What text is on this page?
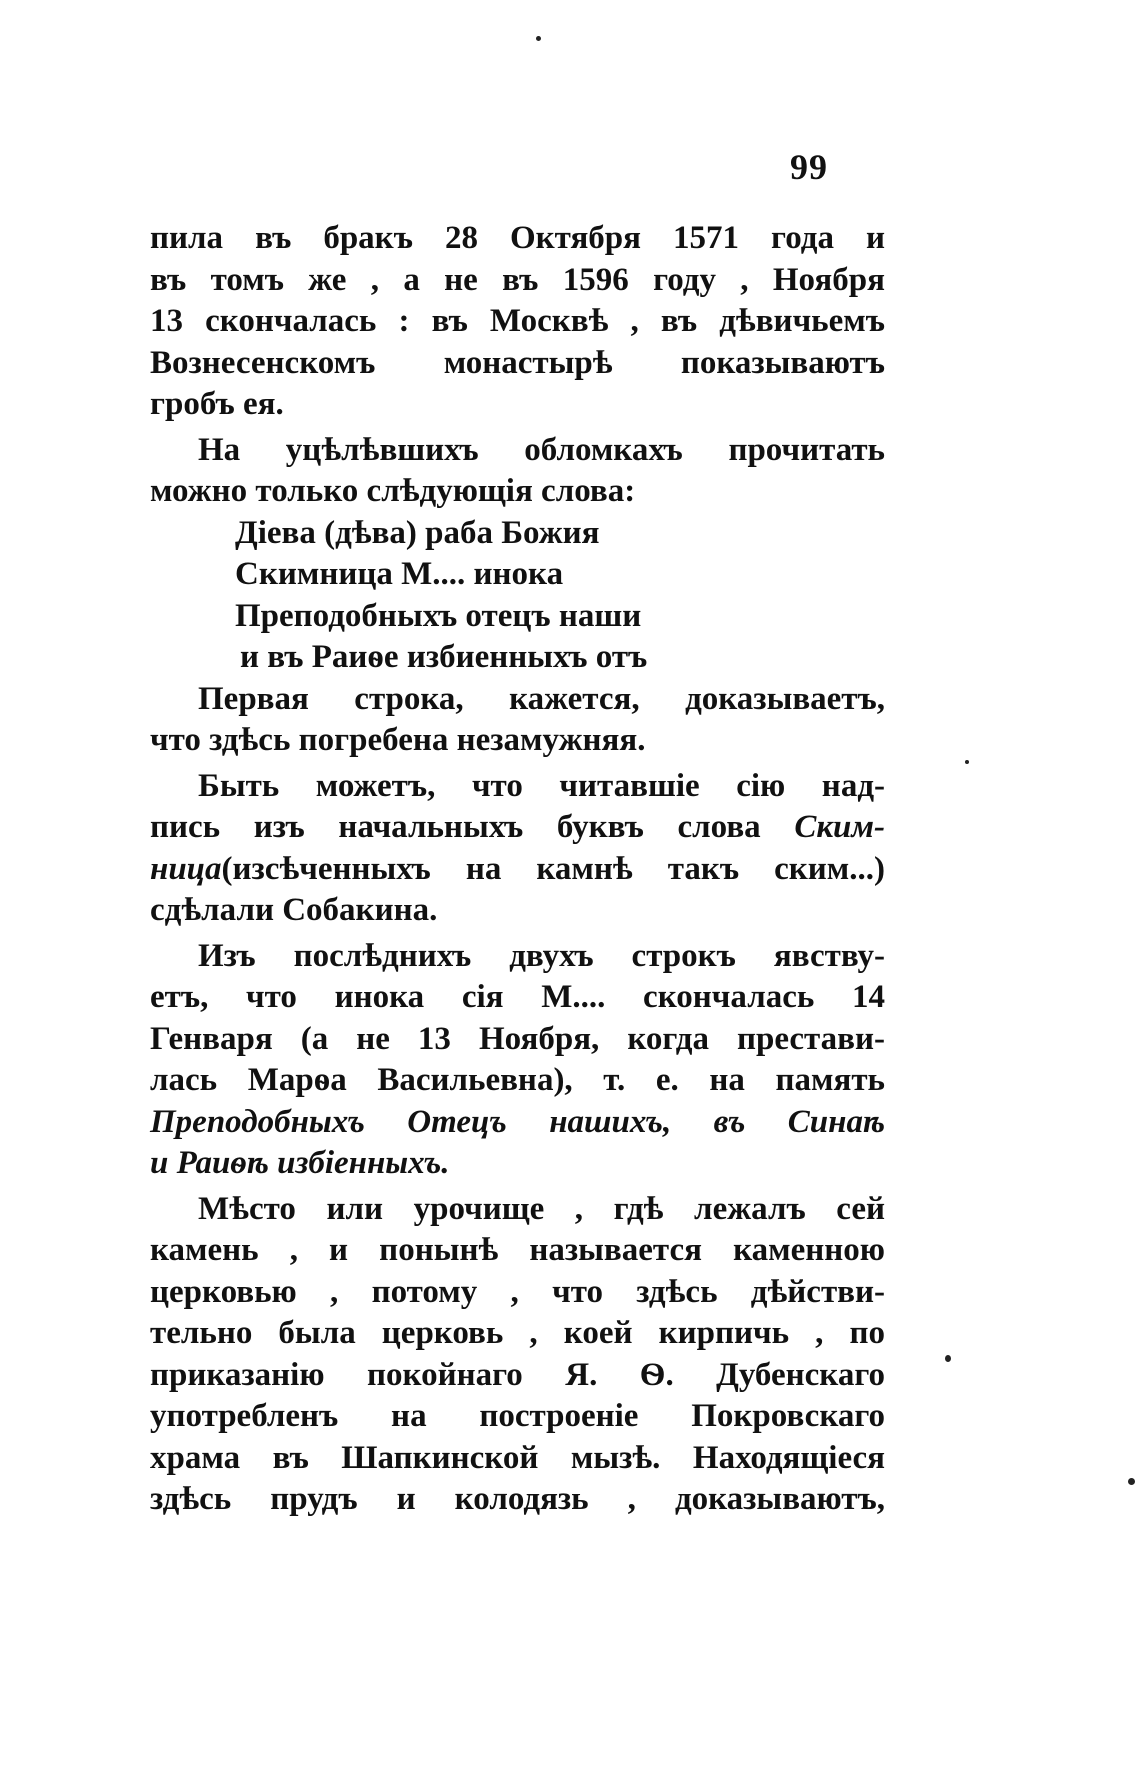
99
пила въ бракъ 28 Октября 1571 года и
въ томъ же , а не въ 1596 году , Ноября
13 скончалась : въ Москвѣ , въ дѣвичьемъ
Вознесенскомъ монастырѣ показываютъ
гробъ ея.
На уцѣлѣвшихъ обломкахъ прочитать
можно только слѣдующія слова:
Діева (дѣва) раба Божия
Скимница М.... инока
Преподобныхъ отецъ наши
и въ Раиѳе избиенныхъ отъ
Первая строка, кажется, доказываетъ,
что здѣсь погребена незамужняя.
Быть можетъ, что читавшіе сію над-
пись изъ начальныхъ буквъ слова Ским-
ница(изсѣченныхъ на камнѣ такъ ским...)
сдѣлали Собакина.
Изъ послѣднихъ двухъ строкъ явству-
етъ, что инока сія М.... скончалась 14
Генваря (а не 13 Ноября, когда престави-
лась Марѳа Васильевна), т. е. на память
Преподобныхъ Отецъ нашихъ, въ Синаѣ
и Раиѳѣ избіенныхъ.
Мѣсто или урочище , гдѣ лежалъ сей
камень , и понынѣ называется каменною
церковью , потому , что здѣсь дѣйстви-
тельно была церковь , коей кирпичь , по
приказанію покойнаго Я. Ѳ. Дубенскаго
употребленъ на построеніе Покровскаго
храма въ Шапкинской мызѣ. Находящіеся
здѣсь прудъ и колодязь , доказываютъ,
